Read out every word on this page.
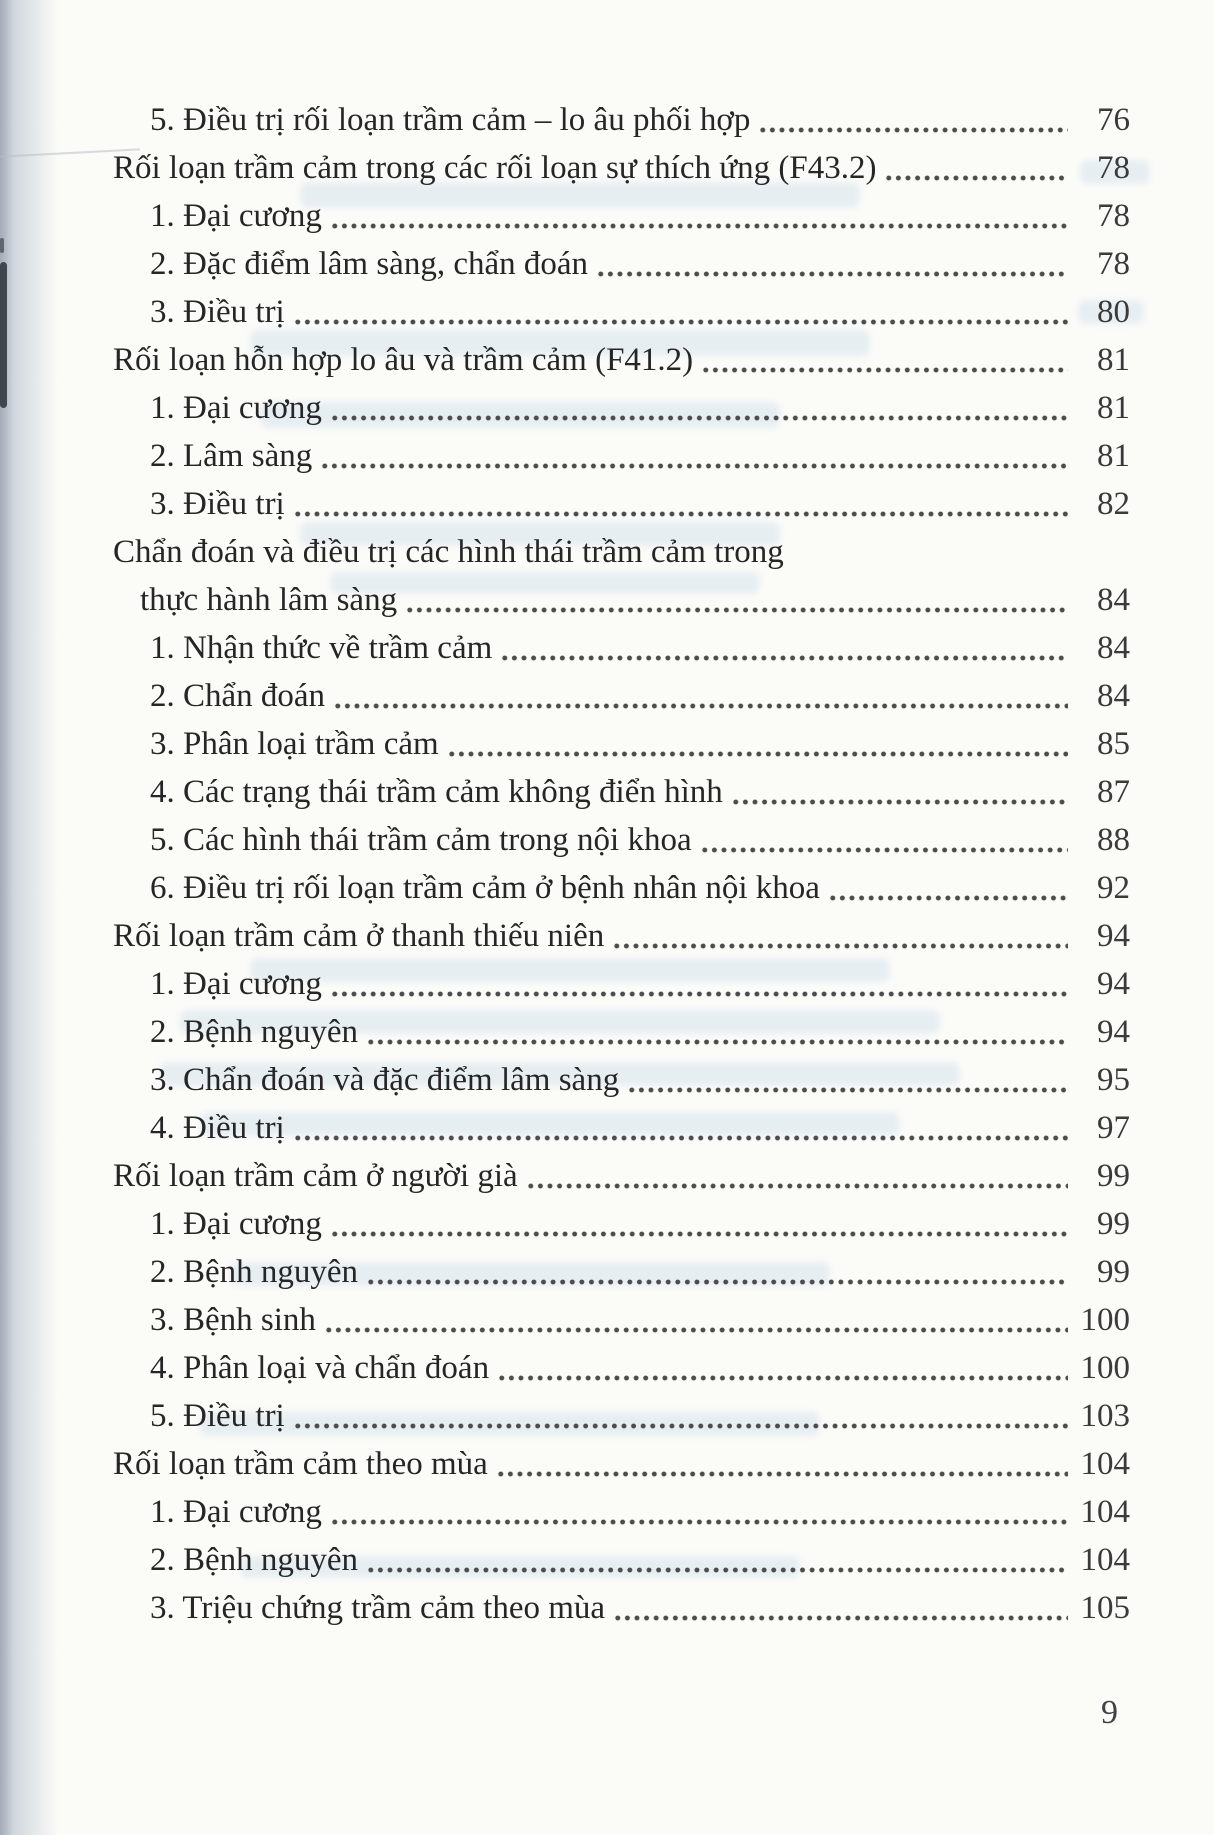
5. Điều trị rối loạn trầm cảm – lo âu phối hợp	76
Rối loạn trầm cảm trong các rối loạn sự thích ứng (F43.2)	78
1. Đại cương	78
2. Đặc điểm lâm sàng, chẩn đoán	78
3. Điều trị	80
Rối loạn hỗn hợp lo âu và trầm cảm (F41.2)	81
1. Đại cương	81
2. Lâm sàng	81
3. Điều trị	82
Chẩn đoán và điều trị các hình thái trầm cảm trong
thực hành lâm sàng	84
1. Nhận thức về trầm cảm	84
2. Chẩn đoán	84
3. Phân loại trầm cảm	85
4. Các trạng thái trầm cảm không điển hình	87
5. Các hình thái trầm cảm trong nội khoa	88
6. Điều trị rối loạn trầm cảm ở bệnh nhân nội khoa	92
Rối loạn trầm cảm ở thanh thiếu niên	94
1. Đại cương	94
2. Bệnh nguyên	94
3. Chẩn đoán và đặc điểm lâm sàng	95
4. Điều trị	97
Rối loạn trầm cảm ở người già	99
1. Đại cương	99
2. Bệnh nguyên	99
3. Bệnh sinh	100
4. Phân loại và chẩn đoán	100
5. Điều trị	103
Rối loạn trầm cảm theo mùa	104
1. Đại cương	104
2. Bệnh nguyên	104
3. Triệu chứng trầm cảm theo mùa	105
9
